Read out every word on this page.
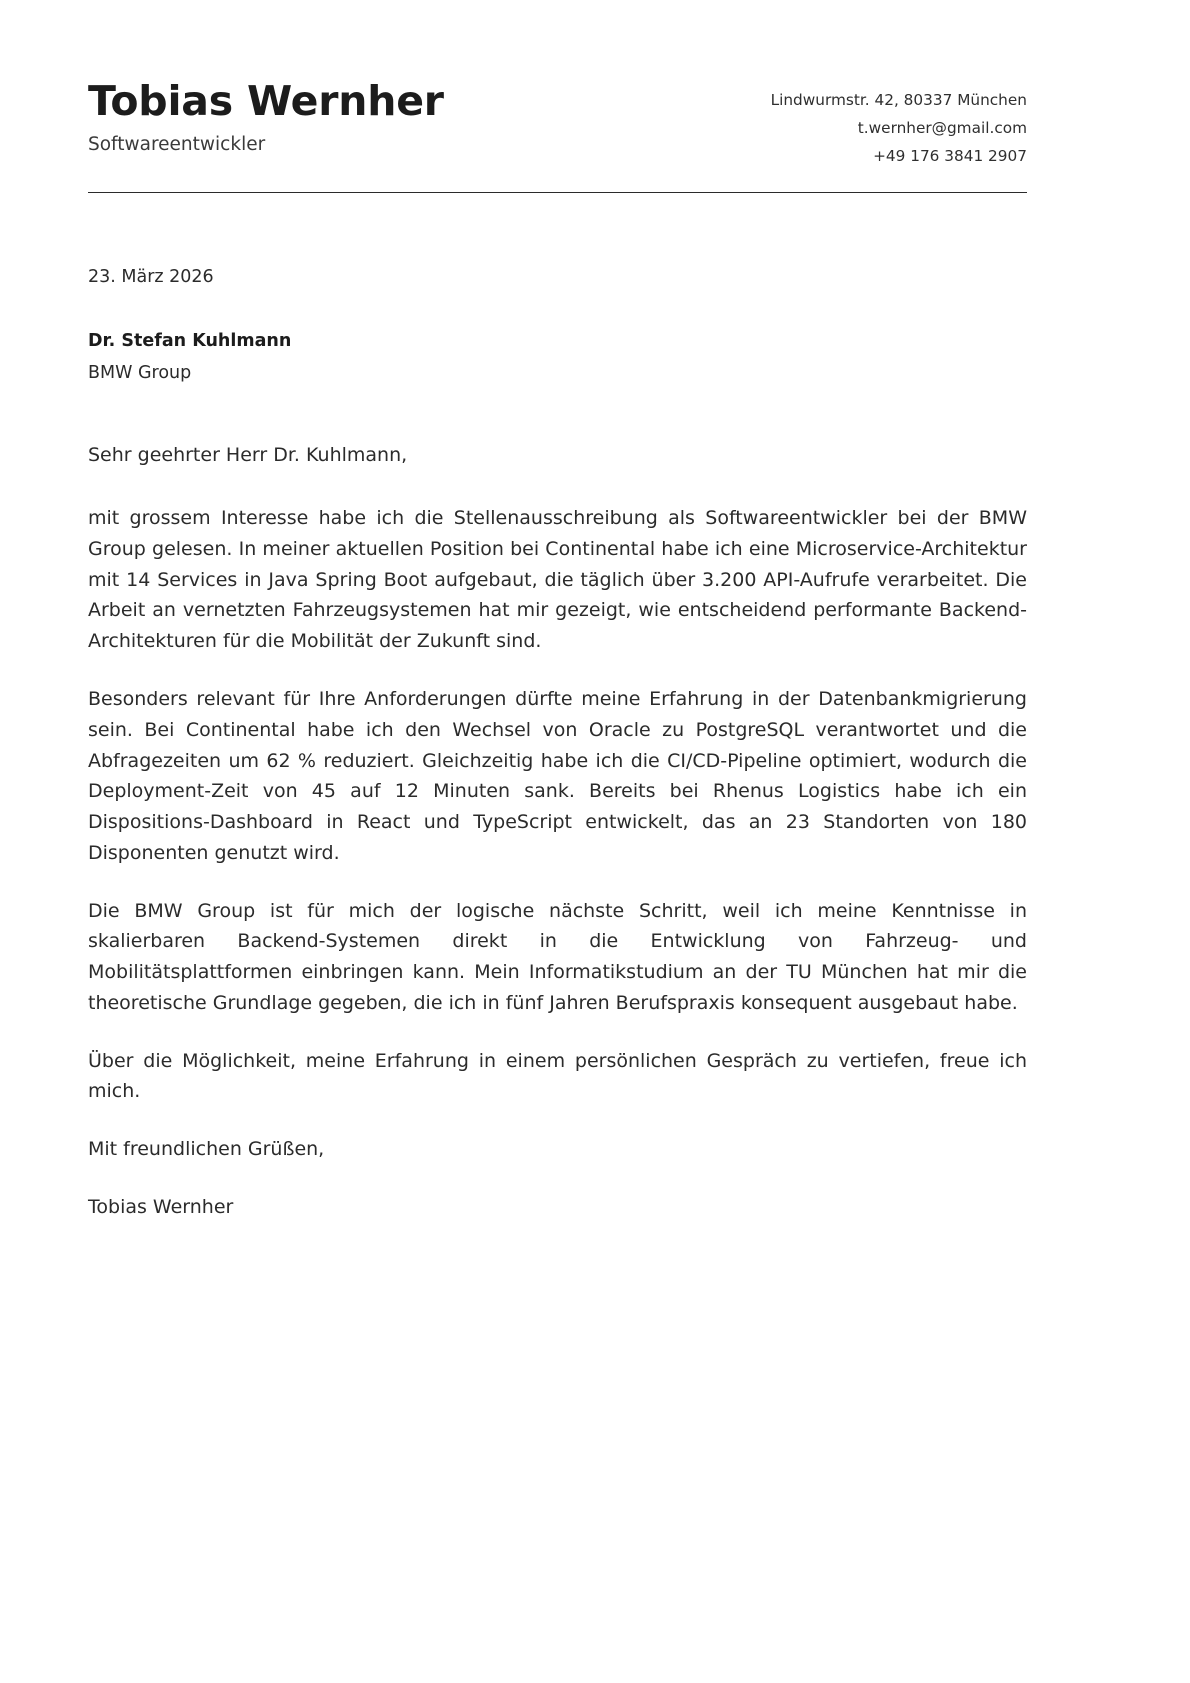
Tobias Wernher
Softwareentwickler
Lindwurmstr. 42, 80337 München
t.wernher@gmail.com
+49 176 3841 2907
23. März 2026
Dr. Stefan Kuhlmann
BMW Group
Sehr geehrter Herr Dr. Kuhlmann,

mit grossem Interesse habe ich die Stellenausschreibung als Softwareentwickler bei der BMW Group gelesen. In meiner aktuellen Position bei Continental habe ich eine Microservice-Architektur mit 14 Services in Java Spring Boot aufgebaut, die täglich über 3.200 API-Aufrufe verarbeitet. Die Arbeit an vernetzten Fahrzeugsystemen hat mir gezeigt, wie entscheidend performante Backend-Architekturen für die Mobilität der Zukunft sind.

Besonders relevant für Ihre Anforderungen dürfte meine Erfahrung in der Datenbankmigrierung sein. Bei Continental habe ich den Wechsel von Oracle zu PostgreSQL verantwortet und die Abfragezeiten um 62 % reduziert. Gleichzeitig habe ich die CI/CD-Pipeline optimiert, wodurch die Deployment-Zeit von 45 auf 12 Minuten sank. Bereits bei Rhenus Logistics habe ich ein Dispositions-Dashboard in React und TypeScript entwickelt, das an 23 Standorten von 180 Disponenten genutzt wird.

Die BMW Group ist für mich der logische nächste Schritt, weil ich meine Kenntnisse in skalierbaren Backend-Systemen direkt in die Entwicklung von Fahrzeug- und Mobilitätsplattformen einbringen kann. Mein Informatikstudium an der TU München hat mir die theoretische Grundlage gegeben, die ich in fünf Jahren Berufspraxis konsequent ausgebaut habe.

Über die Möglichkeit, meine Erfahrung in einem persönlichen Gespräch zu vertiefen, freue ich mich.

Mit freundlichen Grüßen,

Tobias Wernher
